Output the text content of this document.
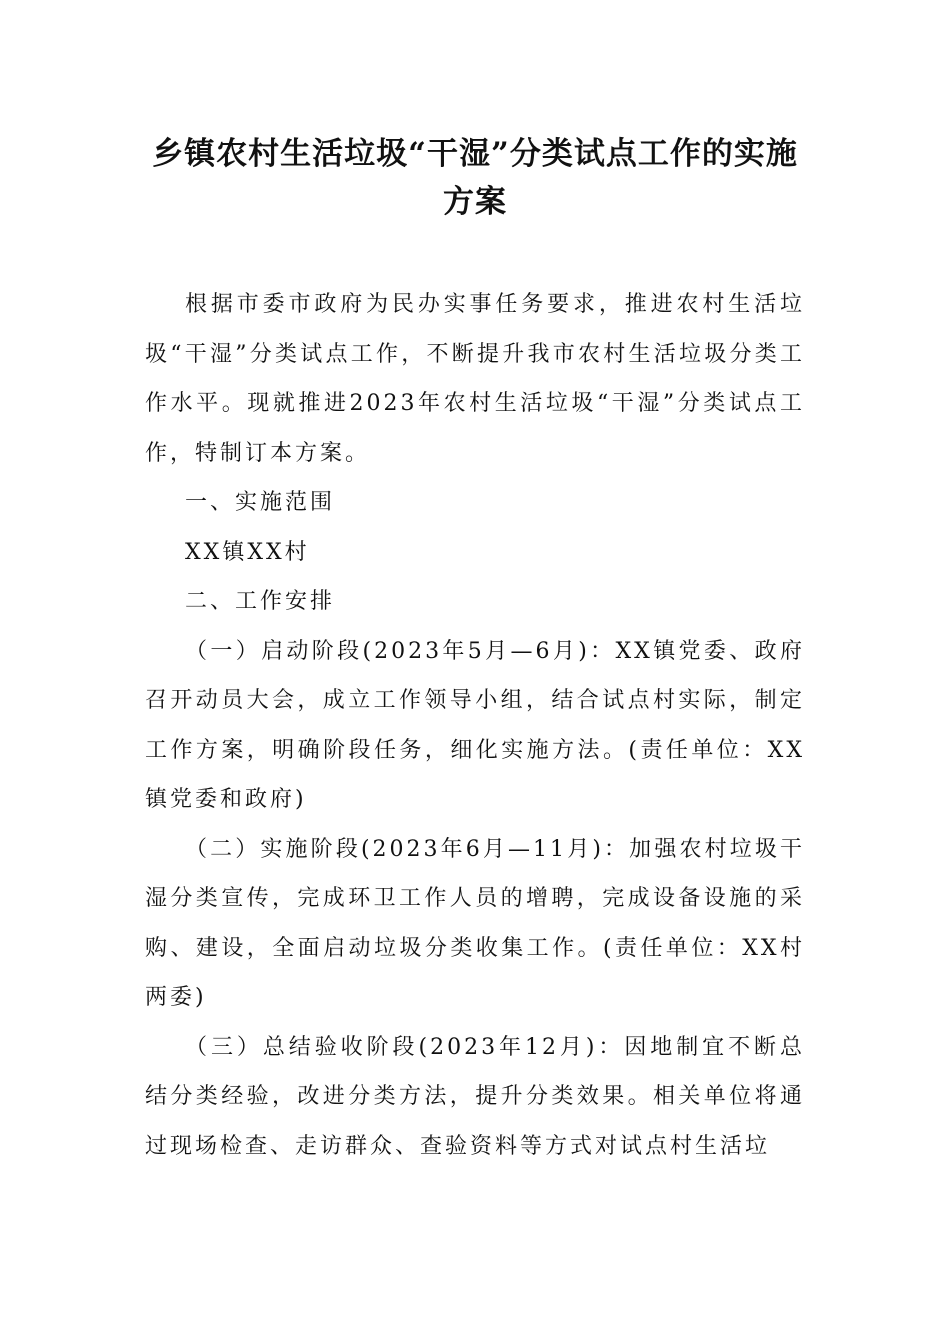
乡镇农村生活垃圾“干湿”分类试点工作的实施方案

根据市委市政府为民办实事任务要求，推进农村生活垃圾“干湿”分类试点工作，不断提升我市农村生活垃圾分类工作水平。现就推进2023年农村生活垃圾“干湿”分类试点工作，特制订本方案。

一、实施范围

XX镇XX村

二、工作安排

（一）启动阶段(2023年5月—6月)：XX镇党委、政府召开动员大会，成立工作领导小组，结合试点村实际，制定工作方案，明确阶段任务，细化实施方法。(责任单位：XX镇党委和政府)

（二）实施阶段(2023年6月—11月)：加强农村垃圾干湿分类宣传，完成环卫工作人员的增聘，完成设备设施的采购、建设，全面启动垃圾分类收集工作。(责任单位：XX村两委)

（三）总结验收阶段(2023年12月)：因地制宜不断总结分类经验，改进分类方法，提升分类效果。相关单位将通过现场检查、走访群众、查验资料等方式对试点村生活垃
